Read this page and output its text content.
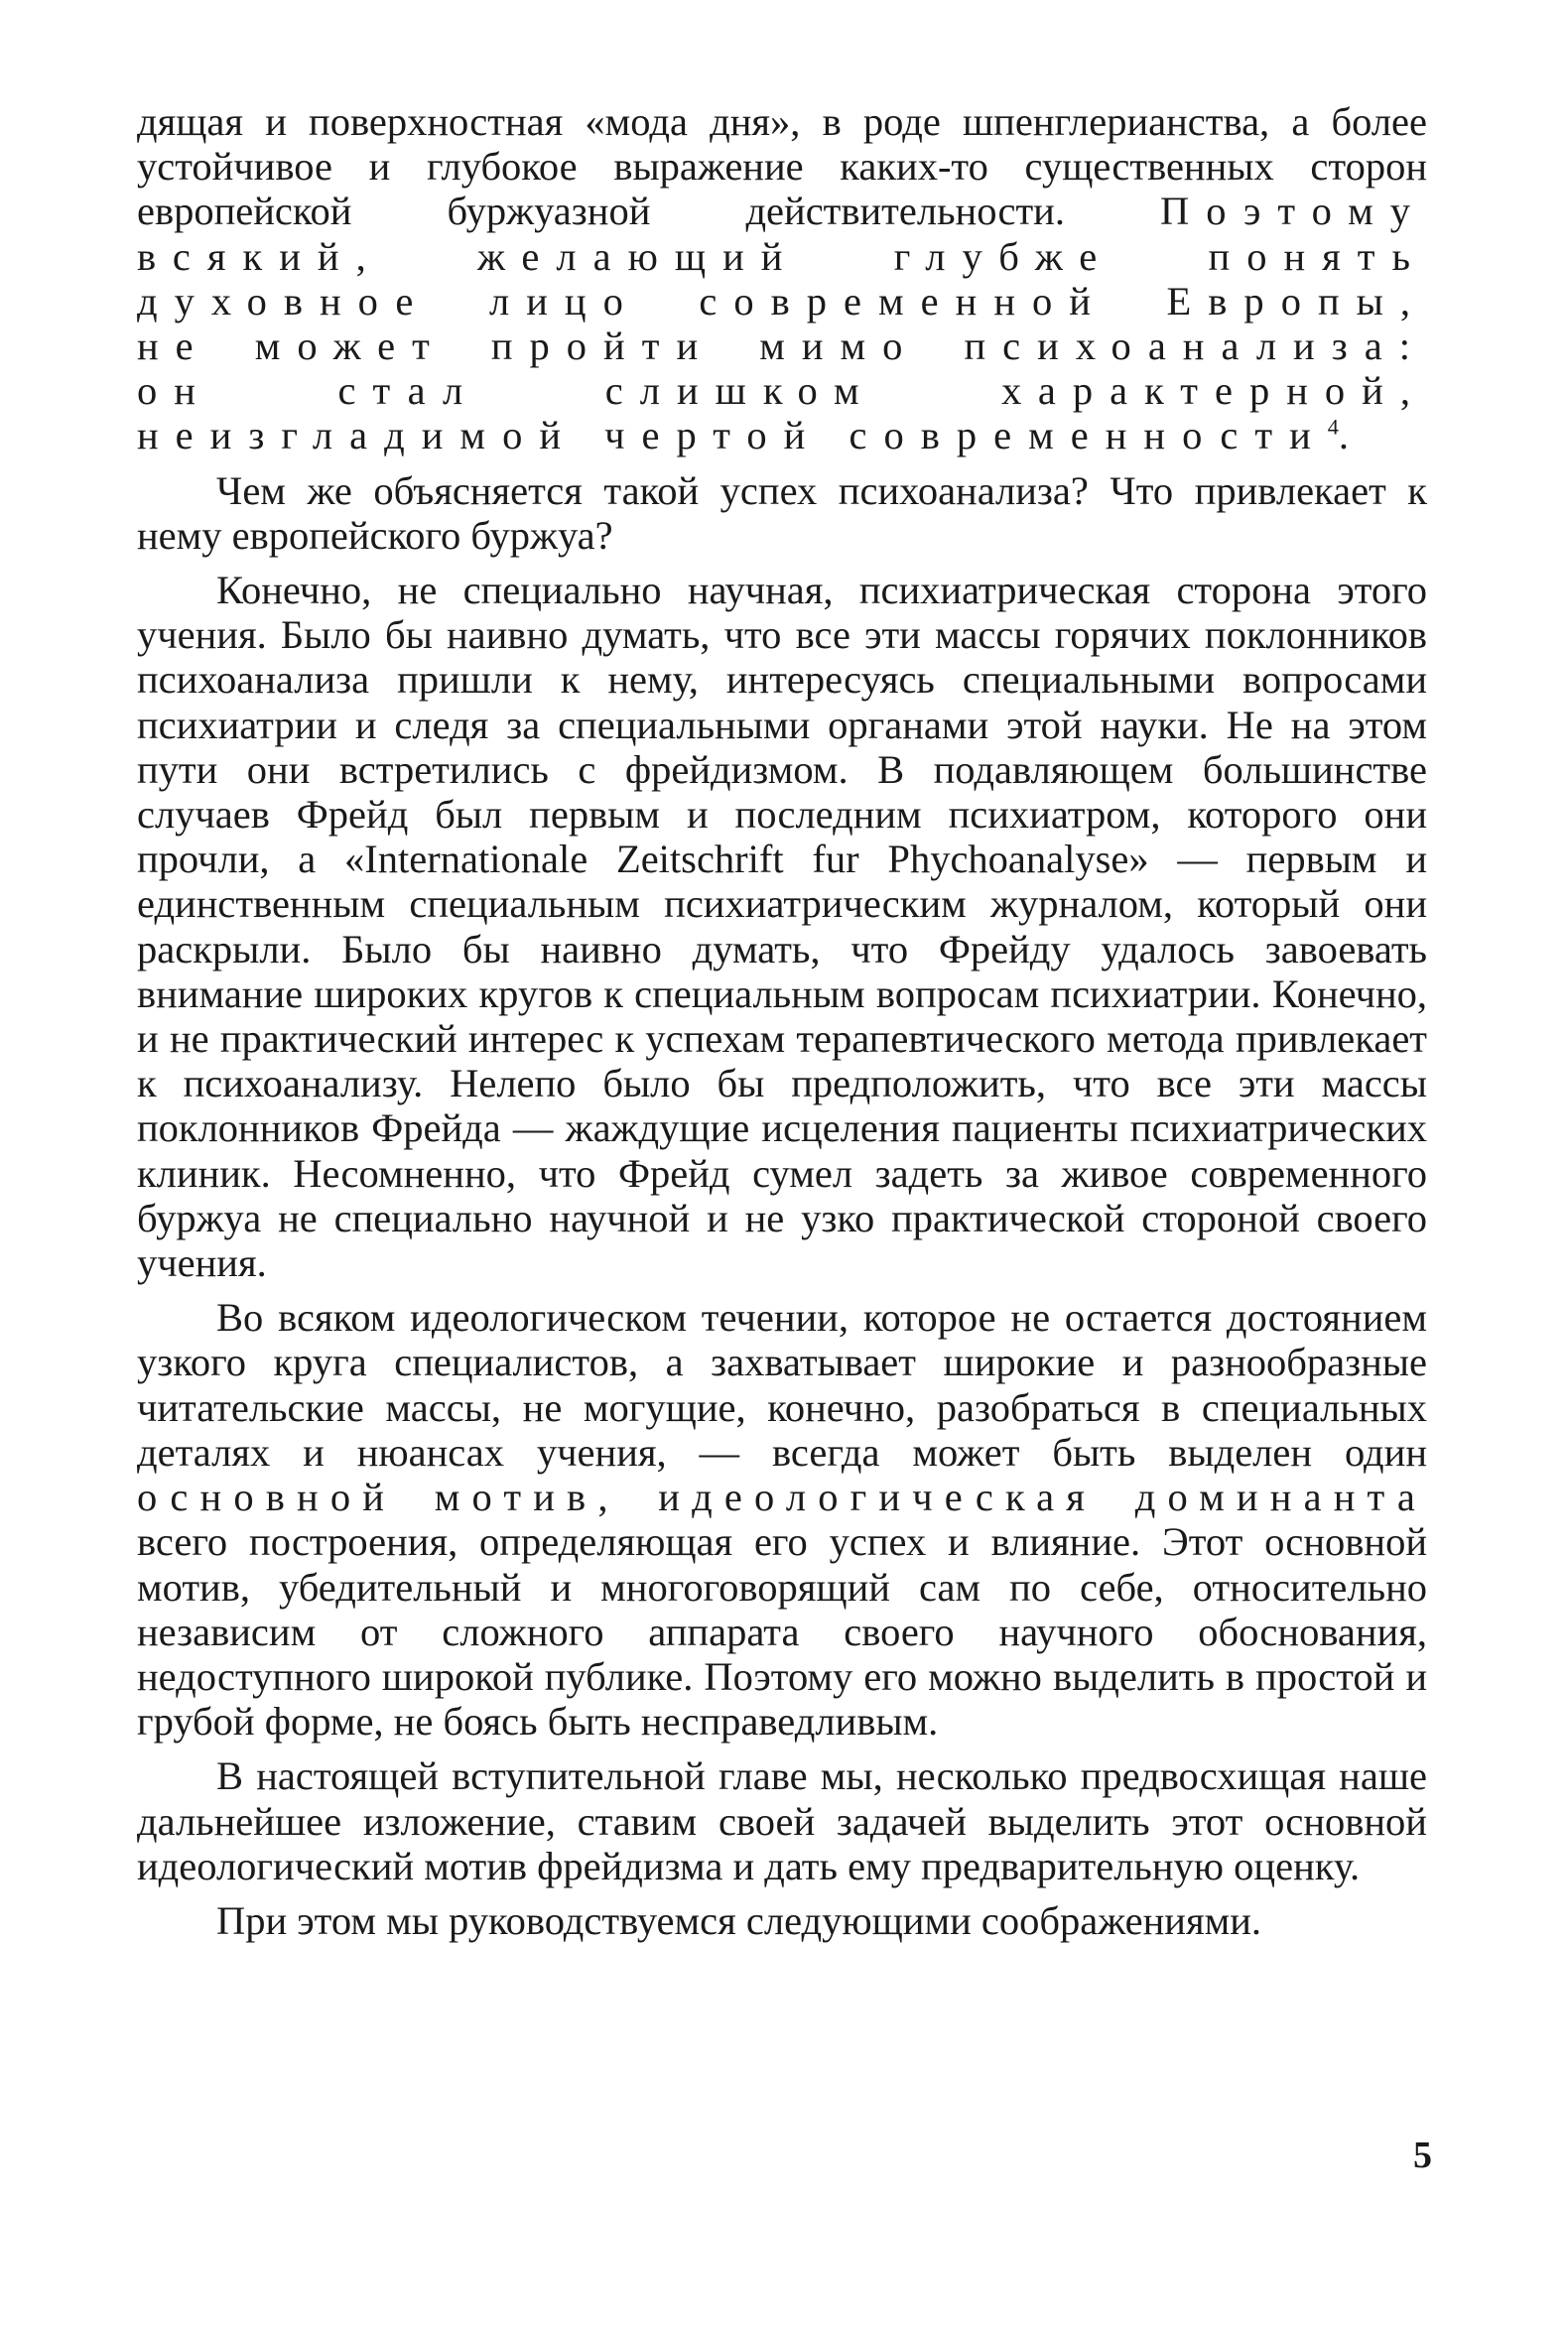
дящая и поверхностная «мода дня», в роде шпенглерианства, а более устойчивое и глубокое выражение каких-то существенных сторон европейской буржуазной действительности. Поэтому всякий, желающий глубже понять духовное лицо современной Европы, не может пройти мимо психоанализа: он стал слишком характерной, неизгладимой чертой современности$^4$.

Чем же объясняется такой успех психоанализа? Что привлекает к нему европейского буржуа?

Конечно, не специально научная, психиатрическая сторона этого учения. Было бы наивно думать, что все эти массы горячих поклонников психоанализа пришли к нему, интересуясь специальными вопросами психиатрии и следя за специальными органами этой науки. Не на этом пути они встретились с фрейдизмом. В подавляющем большинстве случаев Фрейд был первым и последним психиатром, которого они прочли, а «Internationale Zeitschrift fur Phychoanalyse» — первым и единственным специальным психиатрическим журналом, который они раскрыли. Было бы наивно думать, что Фрейду удалось завоевать внимание широких кругов к специальным вопросам психиатрии. Конечно, и не практический интерес к успехам терапевтического метода привлекает к психоанализу. Нелепо было бы предположить, что все эти массы поклонников Фрейда — жаждущие исцеления пациенты психиатрических клиник. Несомненно, что Фрейд сумел задеть за живое современного буржуа не специально научной и не узко практической стороной своего учения.

Во всяком идеологическом течении, которое не остается достоянием узкого круга специалистов, а захватывает широкие и разнообразные читательские массы, не могущие, конечно, разобраться в специальных деталях и нюансах учения, — всегда может быть выделен один основной мотив, идеологическая доминанта всего построения, определяющая его успех и влияние. Этот основной мотив, убедительный и многоговорящий сам по себе, относительно независим от сложного аппарата своего научного обоснования, недоступного широкой публике. Поэтому его можно выделить в простой и грубой форме, не боясь быть несправедливым.

В настоящей вступительной главе мы, несколько предвосхищая наше дальнейшее изложение, ставим своей задачей выделить этот основной идеологический мотив фрейдизма и дать ему предварительную оценку.

При этом мы руководствуемся следующими соображениями.

5
